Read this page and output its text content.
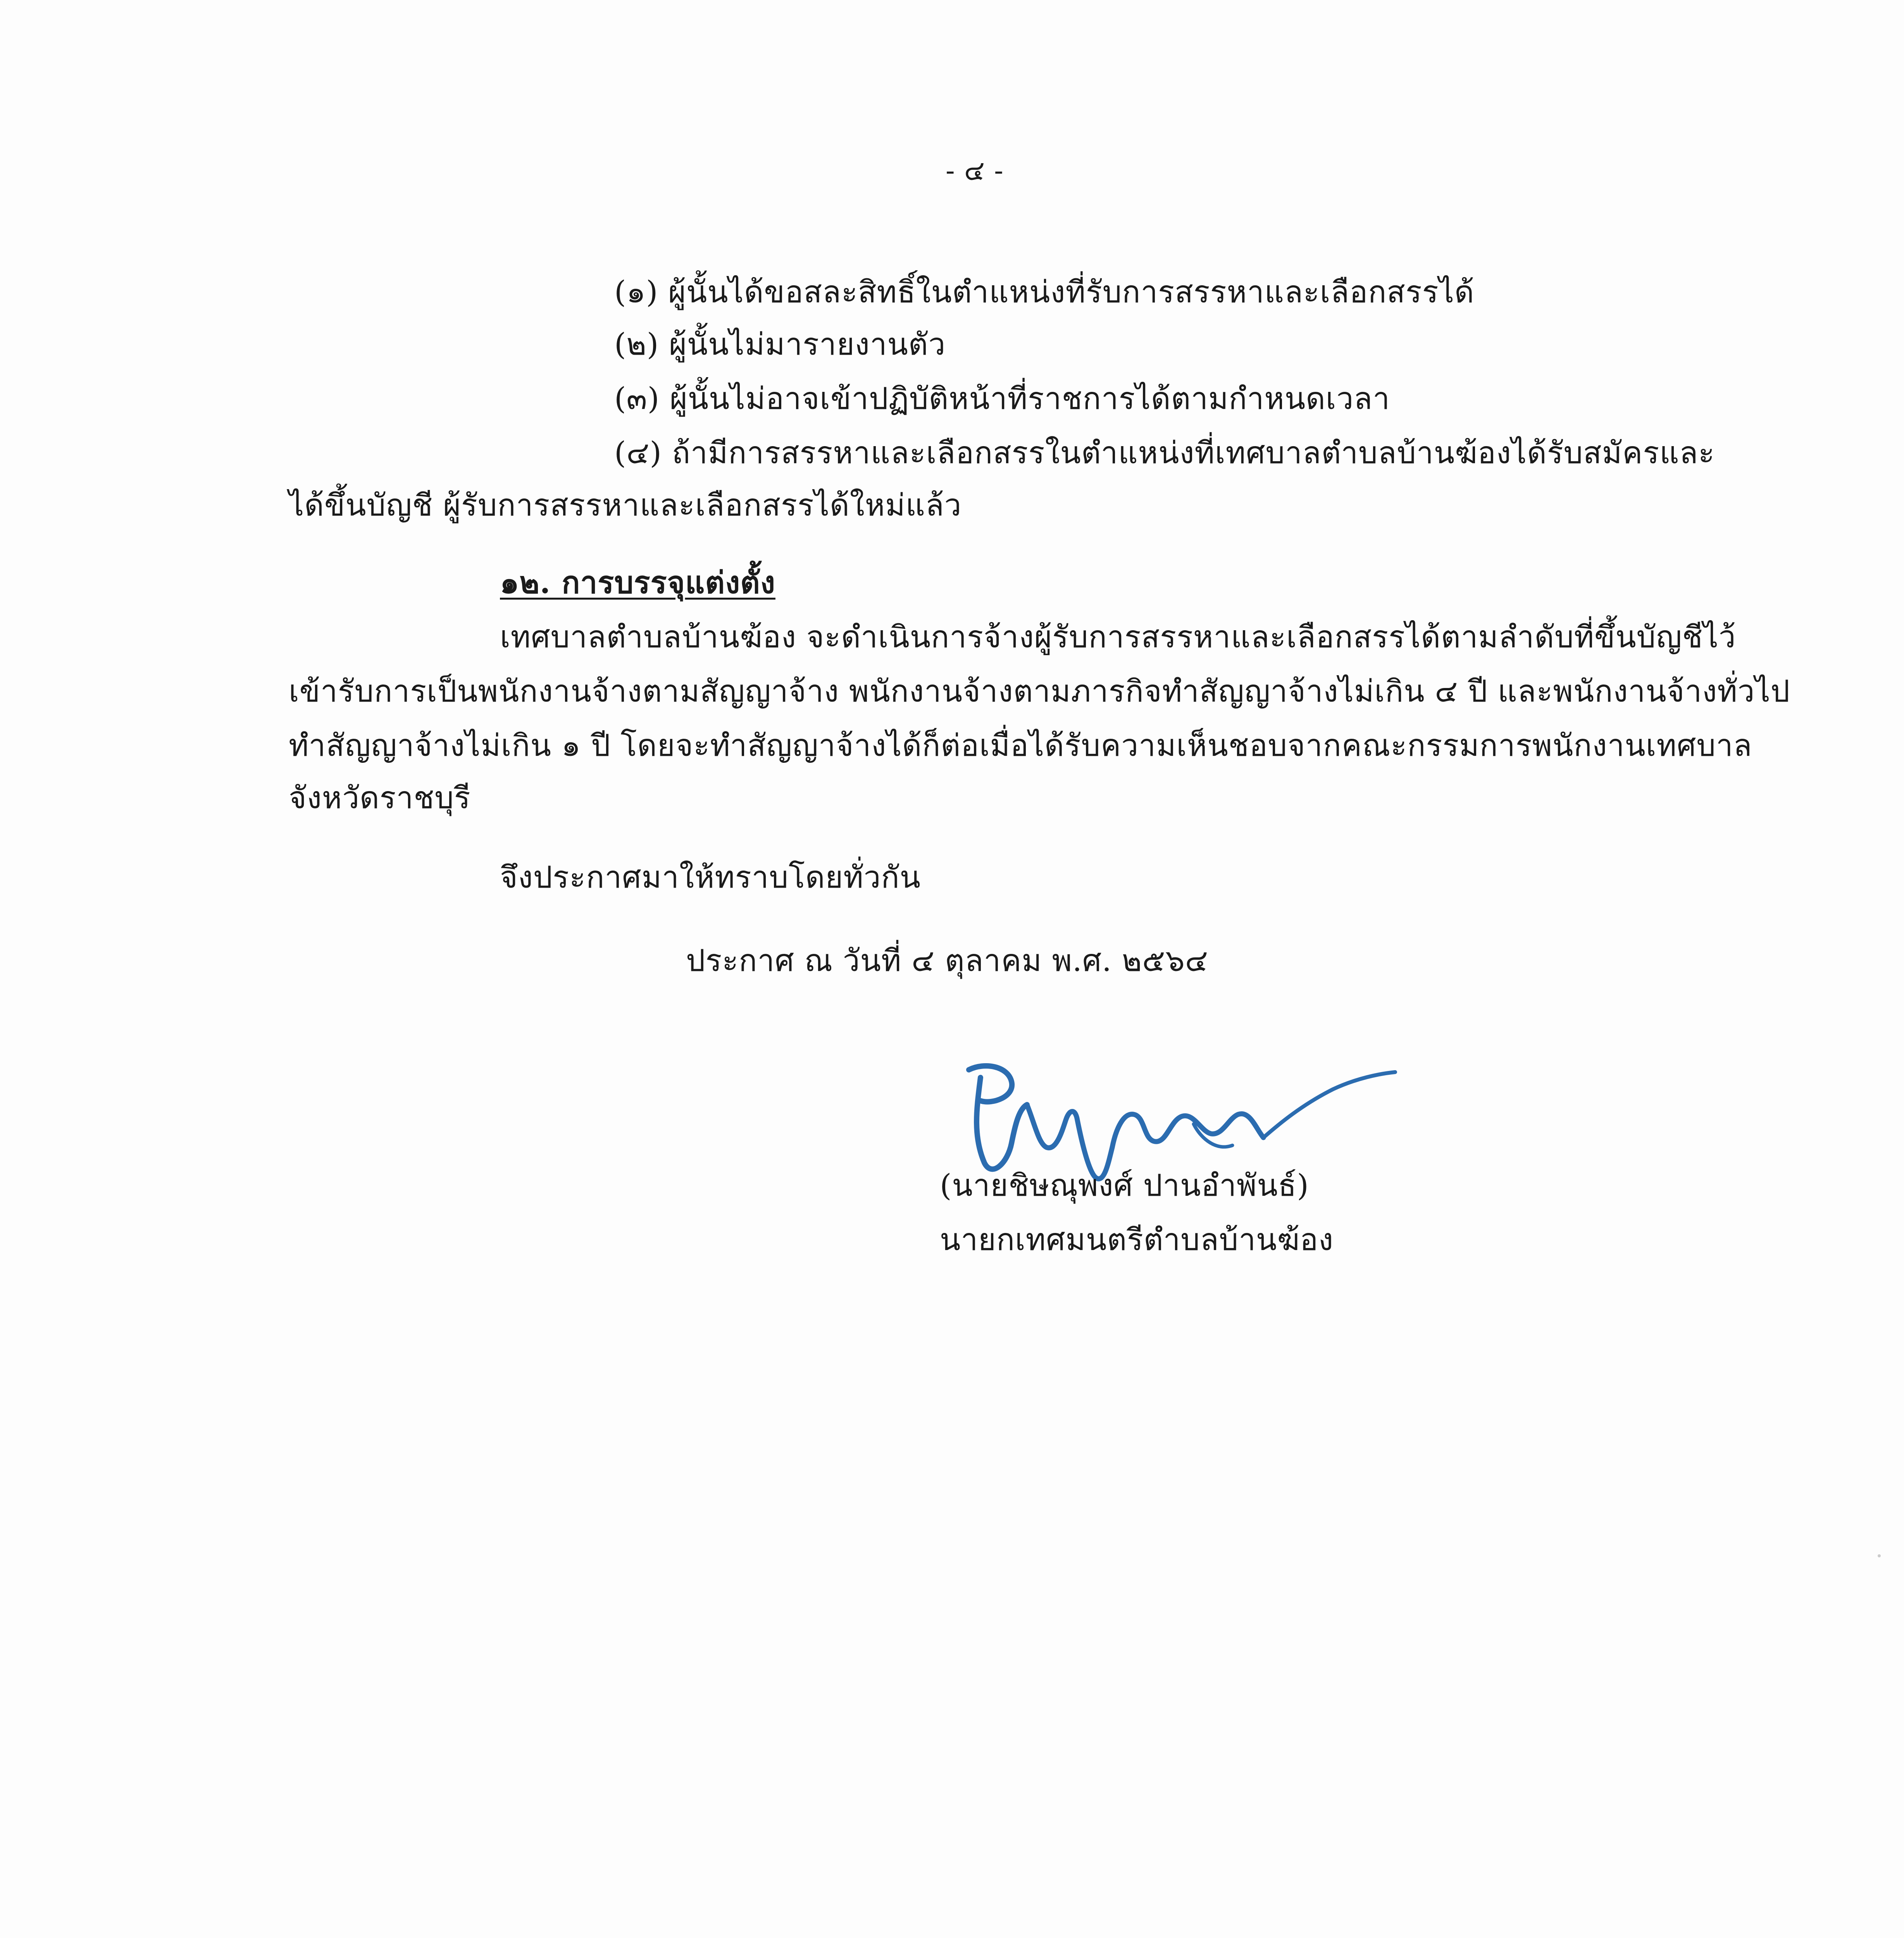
- ๔ -
(๑) ผู้นั้นได้ขอสละสิทธิ์ในตำแหน่งที่รับการสรรหาและเลือกสรรได้
(๒) ผู้นั้นไม่มารายงานตัว
(๓) ผู้นั้นไม่อาจเข้าปฏิบัติหน้าที่ราชการได้ตามกำหนดเวลา
(๔) ถ้ามีการสรรหาและเลือกสรรในตำแหน่งที่เทศบาลตำบลบ้านฆ้องได้รับสมัครและ
ได้ขึ้นบัญชี ผู้รับการสรรหาและเลือกสรรได้ใหม่แล้ว
๑๒. การบรรจุแต่งตั้ง
เทศบาลตำบลบ้านฆ้อง จะดำเนินการจ้างผู้รับการสรรหาและเลือกสรรได้ตามลำดับที่ขึ้นบัญชีไว้
เข้ารับการเป็นพนักงานจ้างตามสัญญาจ้าง พนักงานจ้างตามภารกิจทำสัญญาจ้างไม่เกิน ๔ ปี และพนักงานจ้างทั่วไป
ทำสัญญาจ้างไม่เกิน ๑ ปี โดยจะทำสัญญาจ้างได้ก็ต่อเมื่อได้รับความเห็นชอบจากคณะกรรมการพนักงานเทศบาล
จังหวัดราชบุรี
จึงประกาศมาให้ทราบโดยทั่วกัน
ประกาศ ณ วันที่ ๔ ตุลาคม พ.ศ. ๒๕๖๔
(นายชิษณุพงศ์ ปานอำพันธ์)
นายกเทศมนตรีตำบลบ้านฆ้อง
